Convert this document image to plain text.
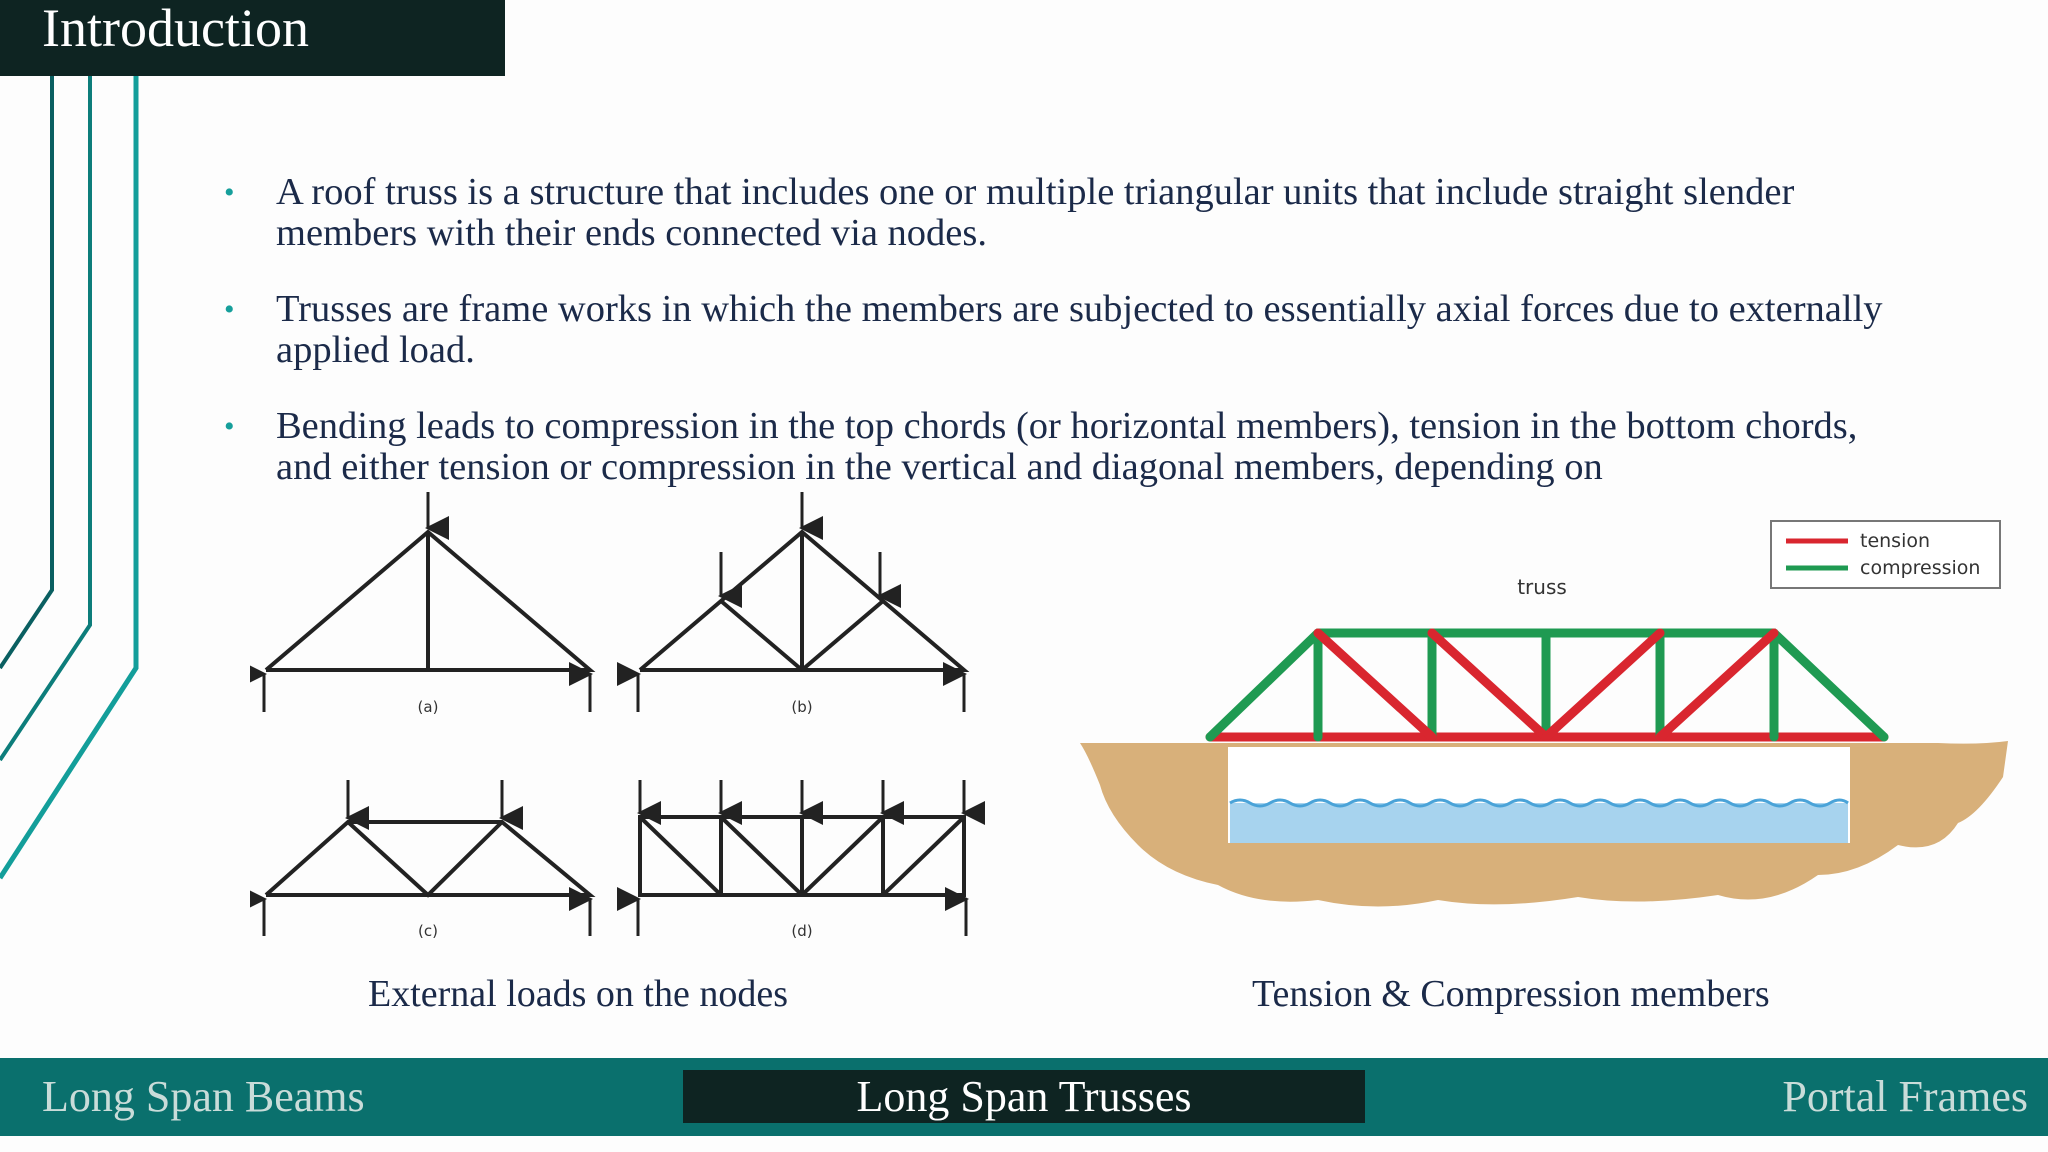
Introduction
• A roof truss is a structure that includes one or multiple triangular units that include straight slender members with their ends connected via nodes.
• Trusses are frame works in which the members are subjected to essentially axial forces due to externally applied load.
• Bending leads to compression in the top chords (or horizontal members), tension in the bottom chords, and either tension or compression in the vertical and diagonal members, depending on
(a)	(b)
(c)	(d)
truss
tension
compression
External loads on the nodes	Tension & Compression members
Long Span Beams	Long Span Trusses	Portal Frames
